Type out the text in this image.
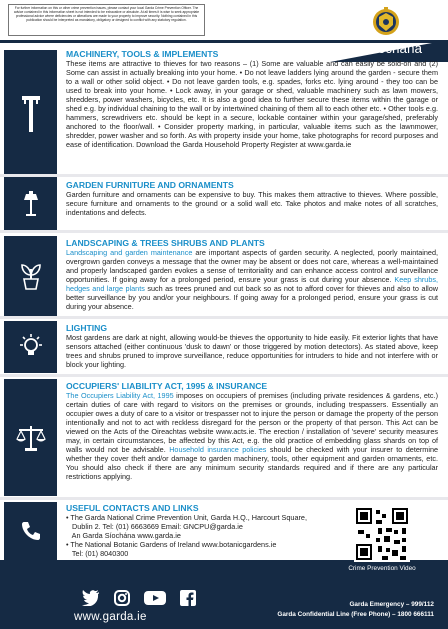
For further information on this or other crime prevention issues, please contact your local Garda Crime Prevention Officer. The advice contained in this information sheet is not intended to be exhaustive or absolute. At all times it is wise to seek appropriate professional advice where deficiencies or alterations are made to your property to improve security. Nothing contained in this publication should be interpreted as mandatory, obligatory or designed to conflict with any statutory regulation.
An Garda Síochána
MACHINERY, TOOLS & IMPLEMENTS

These items are attractive to thieves for two reasons – (1) Some are valuable and can easily be sold-on and (2) Some can assist in actually breaking into your home. • Do not leave ladders lying around the garden - secure them to a wall or other solid object. • Do not leave garden tools, e.g. spades, forks etc. lying around - they too can be used to break into your home. • Lock away, in your garage or shed, valuable machinery such as lawn mowers, shredders, power washers, bicycles, etc. It is also a good idea to further secure these items within the garage or shed e.g. by individual chaining to the wall or by intertwined chaining of them all to each other etc. • Other tools e.g. hammers, screwdrivers etc. should be kept in a secure, lockable container within your garage/shed, preferably anchored to the floor/wall. • Consider property marking, in particular, valuable items such as the lawnmower, shredder, power washer and so forth. As with property inside your home, take photographs for record purposes and ease of identification. Download the Garda Household Property Register at www.garda.ie

GARDEN FURNITURE AND ORNAMENTS

Garden furniture and ornaments can be expensive to buy. This makes them attractive to thieves. Where possible, secure furniture and ornaments to the ground or a solid wall etc. Take photos and make notes of all scratches, indentations and defects.

LANDSCAPING & TREES SHRUBS AND PLANTS

Landscaping and garden maintenance are important aspects of garden security. A neglected, poorly maintained, overgrown garden conveys a message that the owner may be absent or does not care, whereas a well-maintained and properly landscaped garden evokes a sense of territoriality and can enhance access control and surveillance opportunities. If going away for a prolonged period, ensure your grass is cut during your absence. Keep shrubs, hedges and large plants such as trees pruned and cut back so as not to afford cover for thieves and also to allow better surveillance by you and/or your neighbours. If going away for a prolonged period, ensure your grass is cut during your absence.

LIGHTING

Most gardens are dark at night, allowing would-be thieves the opportunity to hide easily. Fit exterior lights that have sensors attached (either continuous 'dusk to dawn' or those triggered by motion detectors). As stated above, keep trees and shrubs pruned to improve surveillance, reduce opportunities for intruders to hide and not interfere with or block your lighting.

OCCUPIERS' LIABILITY ACT, 1995 & INSURANCE

The Occupiers Liability Act, 1995 imposes on occupiers of premises (including private residences & gardens, etc.) certain duties of care with regard to visitors on the premises or grounds, including trespassers. Essentially an occupier owes a duty of care to a visitor or trespasser not to injure the person or damage the property of the person intentionally and not to act with reckless disregard for the person or the property of that person. This Act can be viewed on the Acts of the Oireachtas website www.acts.ie. The erection / installation of 'severe' security measures may, in certain circumstances, be affected by this Act, e.g. the old practice of embedding glass shards on top of walls would not be advisable. Household insurance policies should be checked with your insurer to determine whether they cover theft and/or damage to garden machinery, tools, other equipment and garden ornaments, etc. You should also check if there are any minimum security standards required and if there are any particular restrictions applying.

USEFUL CONTACTS AND LINKS
• The Garda National Crime Prevention Unit, Garda H.Q., Harcourt Square,
Dublin 2. Tel: (01) 6663669 Email: GNCPU@garda.ie
An Garda Síochána www.garda.ie
• The National Botanic Gardens of Ireland www.botanicgardens.ie
Tel: (01) 8040300
Crime Prevention Video
www.garda.ie
Garda Emergency – 999/112
Garda Confidential Line (Free Phone) – 1800 666111
